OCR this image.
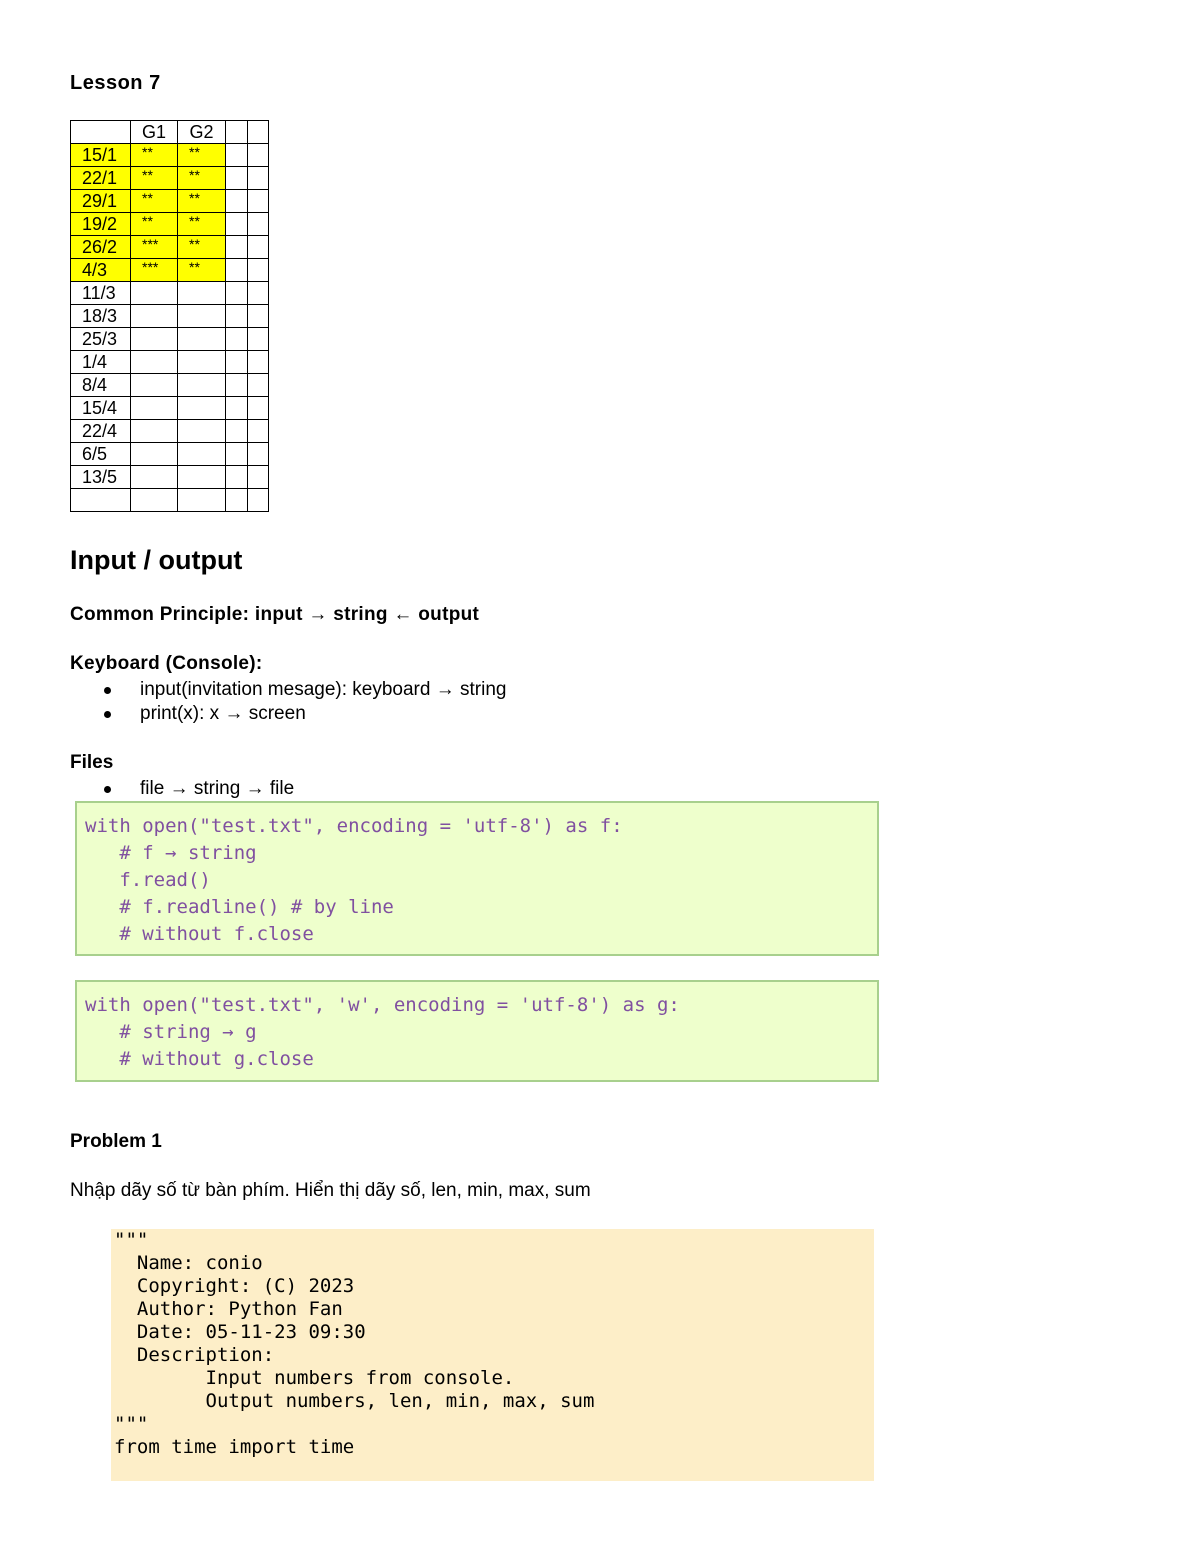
Lesson 7
	G1	G2		
15/1	**	**		
22/1	**	**		
29/1	**	**		
19/2	**	**		
26/2	***	**		
4/3	***	**		
11/3				
18/3				
25/3				
1/4				
8/4				
15/4				
22/4				
6/5				
13/5				

Input / output
Common Principle: input → string ← output
Keyboard (Console):
input(invitation mesage): keyboard → string
print(x): x → screen
Files
file → string → file
with open("test.txt", encoding = 'utf-8') as f:
# f → string
f.read()
# f.readline() # by line
# without f.close
with open("test.txt", 'w', encoding = 'utf-8') as g:
# string → g
# without g.close
Problem 1
Nhập dãy số từ bàn phím. Hiển thị dãy số, len, min, max, sum
"""
Name: conio
Copyright: (C) 2023
Author: Python Fan
Date: 05-11-23 09:30
Description:
Input numbers from console.
Output numbers, len, min, max, sum
"""
from time import time
